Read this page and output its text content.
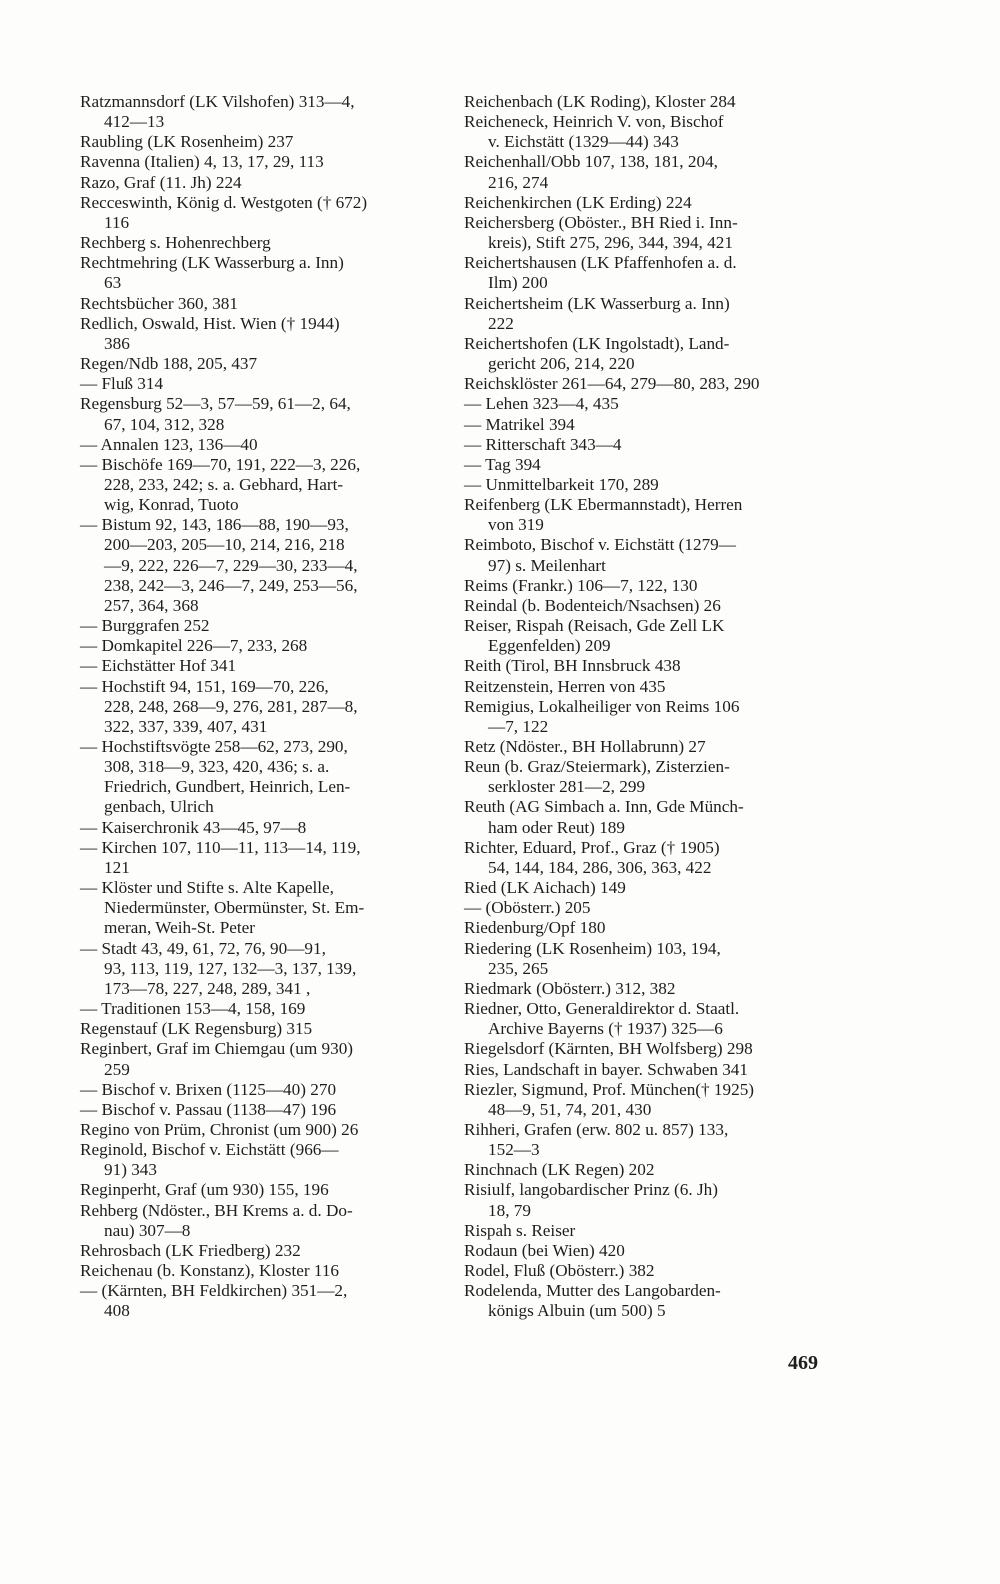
Ratzmannsdorf (LK Vilshofen) 313—4,
412—13
Raubling (LK Rosenheim) 237
Ravenna (Italien) 4, 13, 17, 29, 113
Razo, Graf (11. Jh) 224
Recceswinth, König d. Westgoten († 672)
116
Rechberg s. Hohenrechberg
Rechtmehring (LK Wasserburg a. Inn)
63
Rechtsbücher 360, 381
Redlich, Oswald, Hist. Wien († 1944)
386
Regen/Ndb 188, 205, 437
— Fluß 314
Regensburg 52—3, 57—59, 61—2, 64,
67, 104, 312, 328
— Annalen 123, 136—40
— Bischöfe 169—70, 191, 222—3, 226,
228, 233, 242; s. a. Gebhard, Hart-
wig, Konrad, Tuoto
— Bistum 92, 143, 186—88, 190—93,
200—203, 205—10, 214, 216, 218
—9, 222, 226—7, 229—30, 233—4,
238, 242—3, 246—7, 249, 253—56,
257, 364, 368
— Burggrafen 252
— Domkapitel 226—7, 233, 268
— Eichstätter Hof 341
— Hochstift 94, 151, 169—70, 226,
228, 248, 268—9, 276, 281, 287—8,
322, 337, 339, 407, 431
— Hochstiftsvögte 258—62, 273, 290,
308, 318—9, 323, 420, 436; s. a.
Friedrich, Gundbert, Heinrich, Len-
genbach, Ulrich
— Kaiserchronik 43—45, 97—8
— Kirchen 107, 110—11, 113—14, 119,
121
— Klöster und Stifte s. Alte Kapelle,
Niedermünster, Obermünster, St. Em-
meran, Weih-St. Peter
— Stadt 43, 49, 61, 72, 76, 90—91,
93, 113, 119, 127, 132—3, 137, 139,
173—78, 227, 248, 289, 341 ,
— Traditionen 153—4, 158, 169
Regenstauf (LK Regensburg) 315
Reginbert, Graf im Chiemgau (um 930)
259
— Bischof v. Brixen (1125—40) 270
— Bischof v. Passau (1138—47) 196
Regino von Prüm, Chronist (um 900) 26
Reginold, Bischof v. Eichstätt (966—
91) 343
Reginperht, Graf (um 930) 155, 196
Rehberg (Ndöster., BH Krems a. d. Do-
nau) 307—8
Rehrosbach (LK Friedberg) 232
Reichenau (b. Konstanz), Kloster 116
— (Kärnten, BH Feldkirchen) 351—2,
408
Reichenbach (LK Roding), Kloster 284
Reicheneck, Heinrich V. von, Bischof
v. Eichstätt (1329—44) 343
Reichenhall/Obb 107, 138, 181, 204,
216, 274
Reichenkirchen (LK Erding) 224
Reichersberg (Oböster., BH Ried i. Inn-
kreis), Stift 275, 296, 344, 394, 421
Reichertshausen (LK Pfaffenhofen a. d.
Ilm) 200
Reichertsheim (LK Wasserburg a. Inn)
222
Reichertshofen (LK Ingolstadt), Land-
gericht 206, 214, 220
Reichsklöster 261—64, 279—80, 283, 290
— Lehen 323—4, 435
— Matrikel 394
— Ritterschaft 343—4
— Tag 394
— Unmittelbarkeit 170, 289
Reifenberg (LK Ebermannstadt), Herren
von 319
Reimboto, Bischof v. Eichstätt (1279—
97) s. Meilenhart
Reims (Frankr.) 106—7, 122, 130
Reindal (b. Bodenteich/Nsachsen) 26
Reiser, Rispah (Reisach, Gde Zell LK
Eggenfelden) 209
Reith (Tirol, BH Innsbruck 438
Reitzenstein, Herren von 435
Remigius, Lokalheiliger von Reims 106
—7, 122
Retz (Ndöster., BH Hollabrunn) 27
Reun (b. Graz/Steiermark), Zisterzien-
serkloster 281—2, 299
Reuth (AG Simbach a. Inn, Gde Münch-
ham oder Reut) 189
Richter, Eduard, Prof., Graz († 1905)
54, 144, 184, 286, 306, 363, 422
Ried (LK Aichach) 149
— (Oböstеrr.) 205
Riedenburg/Opf 180
Riedering (LK Rosenheim) 103, 194,
235, 265
Riedmark (Oböstеrr.) 312, 382
Riedner, Otto, Generaldirektor d. Staatl.
Archive Bayerns († 1937) 325—6
Riegelsdorf (Kärnten, BH Wolfsberg) 298
Ries, Landschaft in bayer. Schwaben 341
Riezler, Sigmund, Prof. München(† 1925)
48—9, 51, 74, 201, 430
Rihheri, Grafen (erw. 802 u. 857) 133,
152—3
Rinchnach (LK Regen) 202
Risiulf, langobardischer Prinz (6. Jh)
18, 79
Rispah s. Reiser
Rodaun (bei Wien) 420
Rodel, Fluß (Oböstеrr.) 382
Rodelenda, Mutter des Langobarden-
königs Albuin (um 500) 5
469
